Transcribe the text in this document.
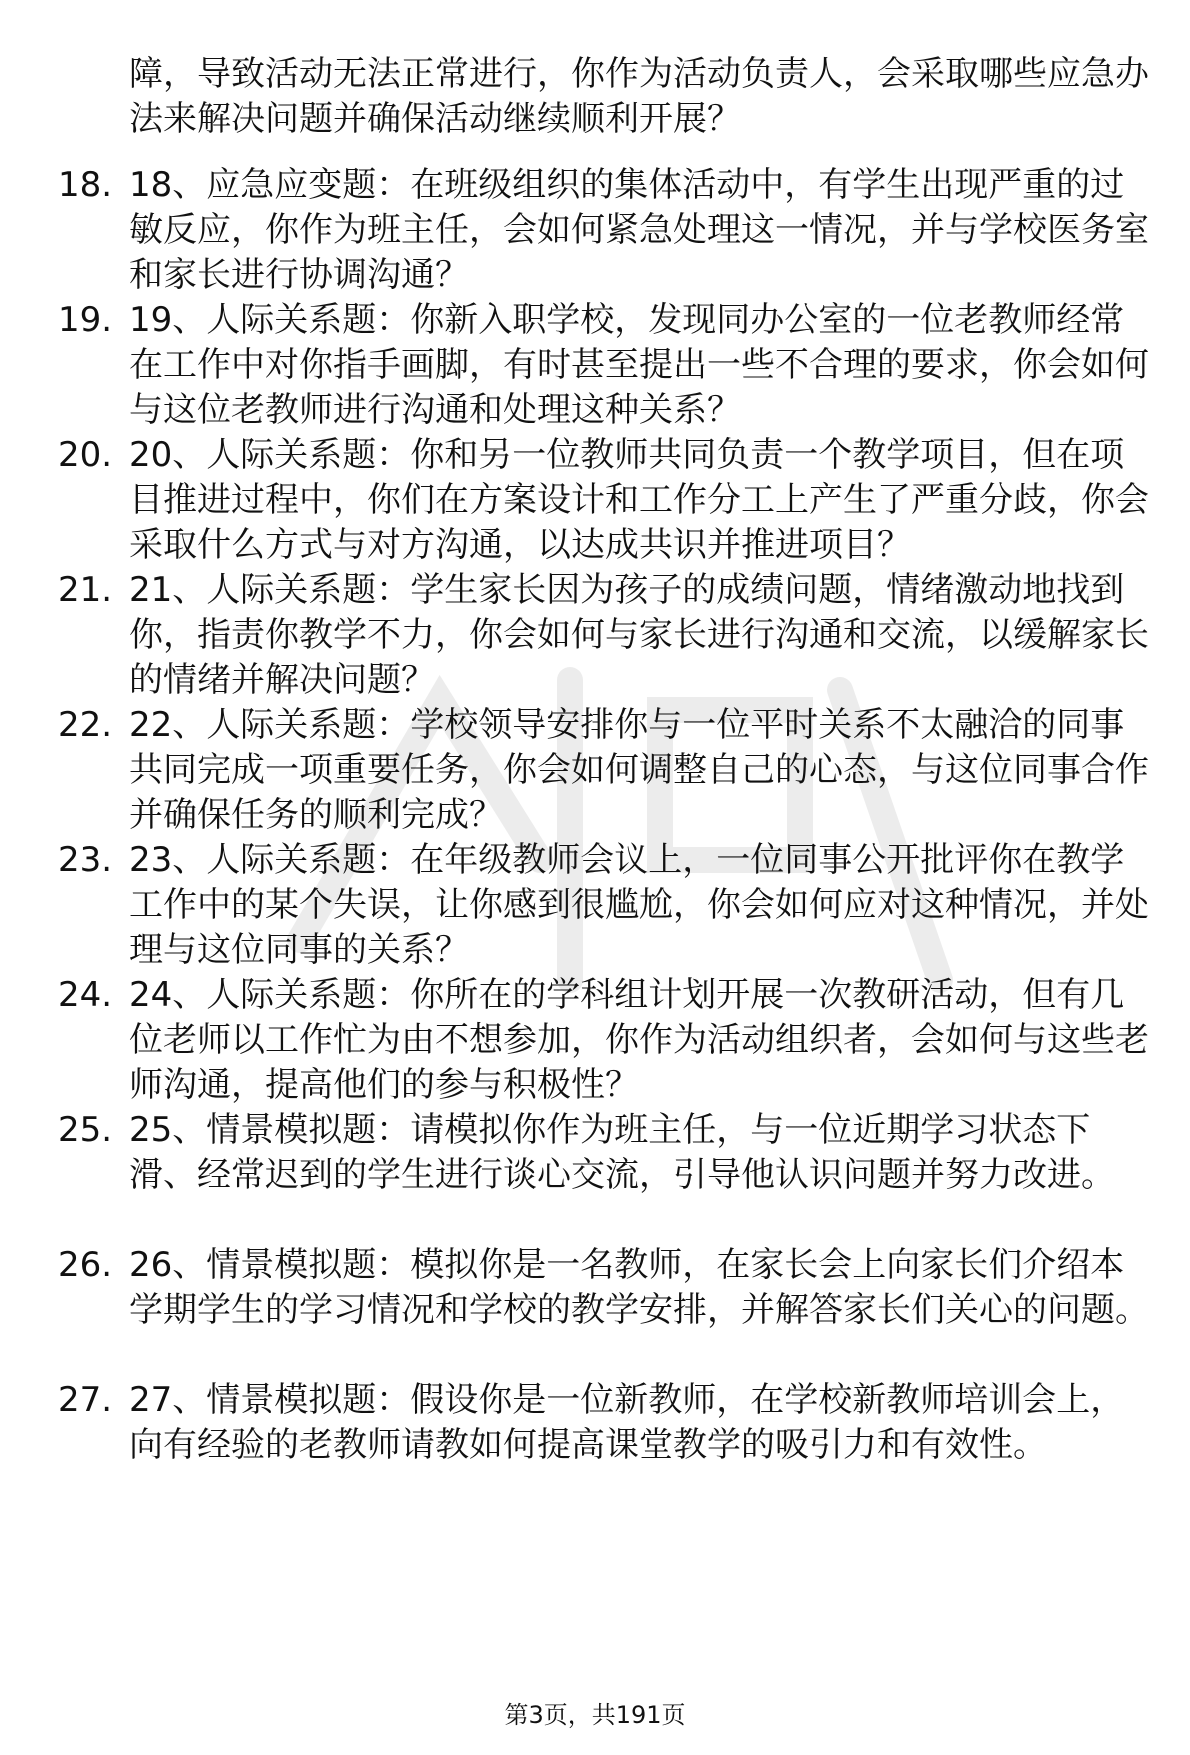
障，导致活动无法正常进行，你作为活动负责人，会采取哪些应急办法来解决问题并确保活动继续顺利开展？

18. 18、应急应变题：在班级组织的集体活动中，有学生出现严重的过敏反应，你作为班主任，会如何紧急处理这一情况，并与学校医务室和家长进行协调沟通？

19. 19、人际关系题：你新入职学校，发现同办公室的一位老教师经常在工作中对你指手画脚，有时甚至提出一些不合理的要求，你会如何与这位老教师进行沟通和处理这种关系？

20. 20、人际关系题：你和另一位教师共同负责一个教学项目，但在项目推进过程中，你们在方案设计和工作分工上产生了严重分歧，你会采取什么方式与对方沟通，以达成共识并推进项目？

21. 21、人际关系题：学生家长因为孩子的成绩问题，情绪激动地找到你，指责你教学不力，你会如何与家长进行沟通和交流，以缓解家长的情绪并解决问题？

22. 22、人际关系题：学校领导安排你与一位平时关系不太融洽的同事共同完成一项重要任务，你会如何调整自己的心态，与这位同事合作并确保任务的顺利完成？

23. 23、人际关系题：在年级教师会议上，一位同事公开批评你在教学工作中的某个失误，让你感到很尴尬，你会如何应对这种情况，并处理与这位同事的关系？

24. 24、人际关系题：你所在的学科组计划开展一次教研活动，但有几位老师以工作忙为由不想参加，你作为活动组织者，会如何与这些老师沟通，提高他们的参与积极性？

25. 25、情景模拟题：请模拟你作为班主任，与一位近期学习状态下滑、经常迟到的学生进行谈心交流，引导他认识问题并努力改进。

26. 26、情景模拟题：模拟你是一名教师，在家长会上向家长们介绍本学期学生的学习情况和学校的教学安排，并解答家长们关心的问题。

27. 27、情景模拟题：假设你是一位新教师，在学校新教师培训会上，向有经验的老教师请教如何提高课堂教学的吸引力和有效性。

第3页，共191页
